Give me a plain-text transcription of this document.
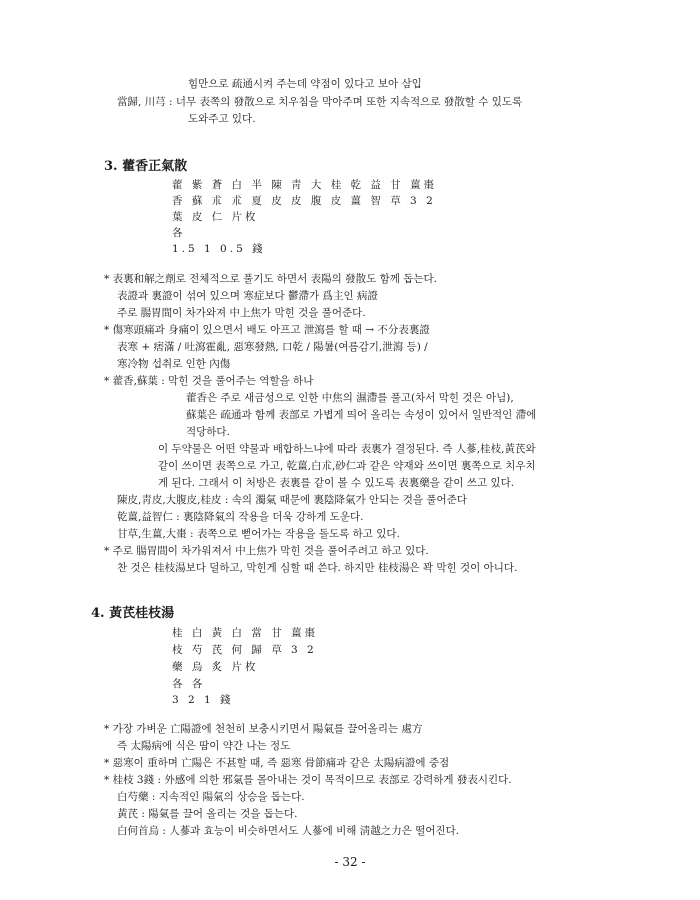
힘만으로 疏通시켜 주는데 약점이 있다고 보아 삼입
當歸, 川芎 : 너무 表쪽의 發散으로 치우침을 막아주며 또한 지속적으로 發散할 수 있도록
도와주고 있다.
3. 藿香正氣散
藿 紫 蒼 白 半 陳 靑 大 桂 乾 益 甘 薑棗
香 蘇 朮 朮 夏 皮 皮 腹 皮 薑 智 草 3 2
葉 皮 仁 片枚
各
1.5 1 0.5 錢
* 表裏和解之劑로 전체적으로 풀기도 하면서 表陽의 發散도 함께 돕는다.
表證과 裏證이 섞여 있으며 寒症보다 鬱滯가 爲主인 病證
주로 腸胃間이 차가와져 中上焦가 막힌 것을 풀어준다.
* 傷寒頭痛과 身痛이 있으면서 배도 아프고 泄瀉를 할 때 → 不分表裏證
表寒 + 痞滿 / 吐瀉霍亂, 惡寒發熱, 口乾 / 陽暑(여름감기,泄瀉 등) /
寒冷物 섭취로 인한 內傷
* 藿香,蘇葉 : 막힌 것을 풀어주는 역할을 하나
藿香은 주로 새금성으로 인한 中焦의 濕滯를 풀고(차서 막힌 것은 아님),
蘇葉은 疏通과 함께 表部로 가볍게 띄어 올리는 속성이 있어서 일반적인 滯에
적당하다.
이 두약물은 어떤 약물과 배합하느냐에 따라 表裏가 결정된다. 즉 人蔘,桂枝,黃芪와
같이 쓰이면 表쪽으로 가고, 乾薑,白朮,砂仁과 같은 약재와 쓰이면 裏쪽으로 치우치
게 된다. 그래서 이 처방은 表裏를 같이 볼 수 있도록 表裏藥을 같이 쓰고 있다.
陳皮,靑皮,大腹皮,桂皮 : 속의 濁氣 때문에 裏陰降氣가 안되는 것을 풀어준다
乾薑,益智仁 : 裏陰降氣의 작용을 더욱 강하게 도운다.
甘草,生薑,大棗 : 表쪽으로 뻗어가는 작용을 돌도록 하고 있다.
* 주로 腸胃間이 차가워져서 中上焦가 막힌 것을 풀어주려고 하고 있다.
찬 것은 桂枝湯보다 덜하고, 막힌게 심할 때 쓴다. 하지만 桂枝湯은 꽉 막힌 것이 아니다.
4. 黃芪桂枝湯
桂 白 黃 白 當 甘 薑棗
枝 芍 芪 何 歸 草 3 2
藥 烏 炙 片枚
各 各
3 2 1 錢
* 가장 가벼운 亡陽證에 천천히 보충시키면서 陽氣를 끌어올리는 處方
즉 太陽病에 식은 땀이 약간 나는 정도
* 惡寒이 重하며 亡陽은 不甚할 때, 즉 惡寒 骨節痛과 같은 太陽病證에 중점
* 桂枝 3錢 : 外感에 의한 邪氣를 몰아내는 것이 목적이므로 表部로 강력하게 發表시킨다.
白芍藥 : 지속적인 陽氣의 상승을 돕는다.
黃芪 : 陽氣를 끌어 올리는 것을 돕는다.
白何首烏 : 人蔘과 효능이 비슷하면서도 人蔘에 비해 淸越之力은 떨어진다.
- 32 -
